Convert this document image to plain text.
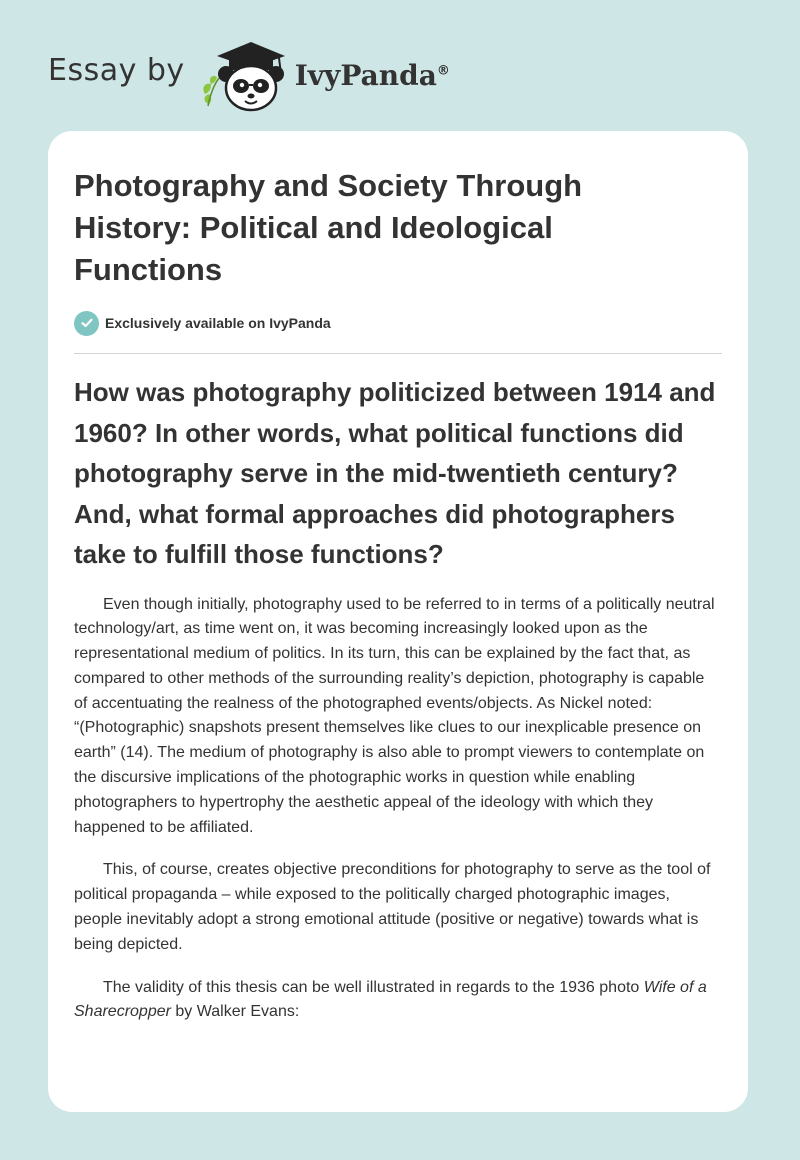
Essay by	IvyPanda®
Photography and Society Through History: Political and Ideological Functions
Exclusively available on IvyPanda
How was photography politicized between 1914 and 1960? In other words, what political functions did photography serve in the mid-twentieth century? And, what formal approaches did photographers take to fulfill those functions?

Even though initially, photography used to be referred to in terms of a politically neutral technology/art, as time went on, it was becoming increasingly looked upon as the representational medium of politics. In its turn, this can be explained by the fact that, as compared to other methods of the surrounding reality’s depiction, photography is capable of accentuating the realness of the photographed events/objects. As Nickel noted: “(Photographic) snapshots present themselves like clues to our inexplicable presence on earth” (14). The medium of photography is also able to prompt viewers to contemplate on the discursive implications of the photographic works in question while enabling photographers to hypertrophy the aesthetic appeal of the ideology with which they happened to be affiliated.

This, of course, creates objective preconditions for photography to serve as the tool of political propaganda – while exposed to the politically charged photographic images, people inevitably adopt a strong emotional attitude (positive or negative) towards what is being depicted.

The validity of this thesis can be well illustrated in regards to the 1936 photo Wife of a Sharecropper by Walker Evans:
